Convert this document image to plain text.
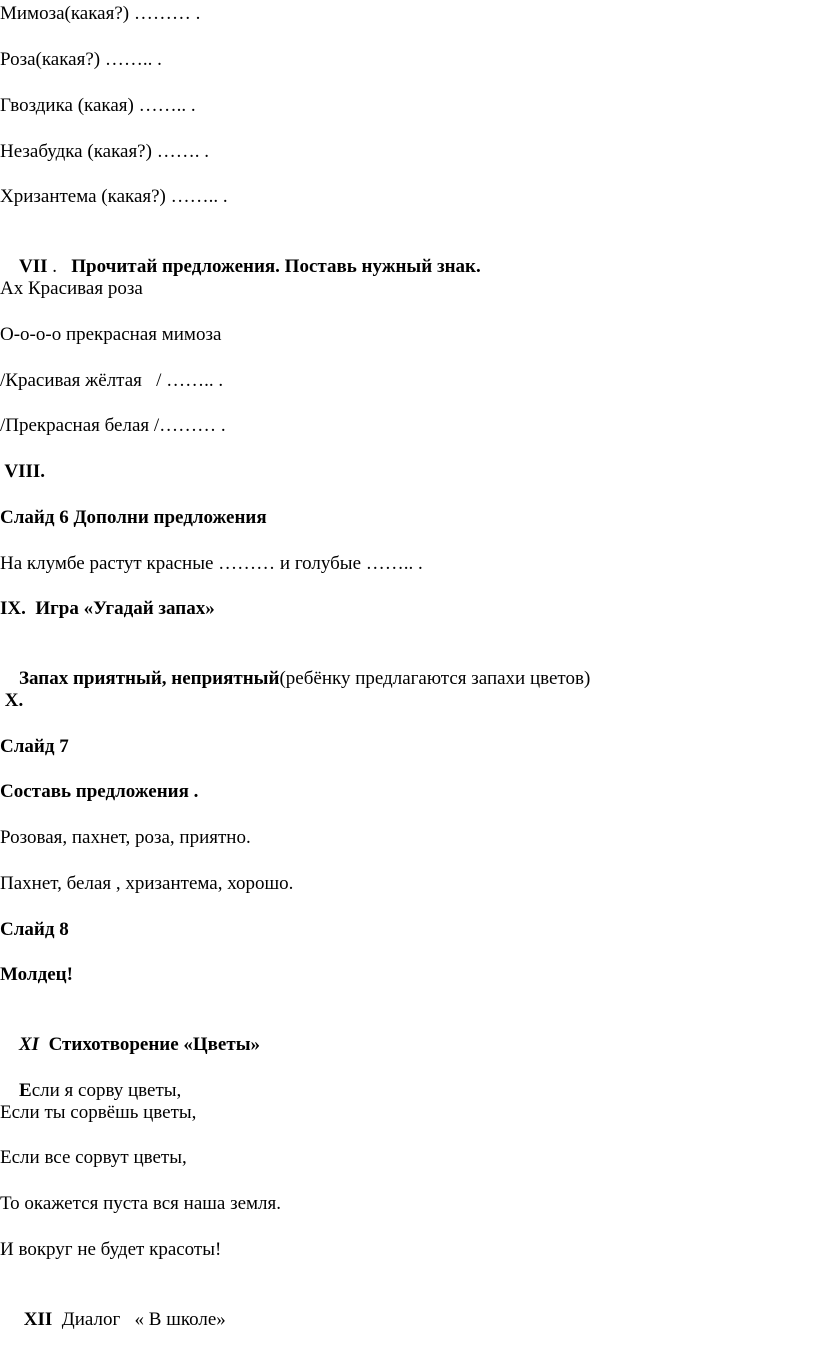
Мимоза(какая?) ……… .
Роза(какая?) …….. .
Гвоздика (какая) …….. .
Незабудка (какая?) ……. .
Хризантема (какая?) …….. .

VII .   Прочитай предложения. Поставь нужный знак.

Ах Красивая роза
О-о-о-о прекрасная мимоза
/Красивая жёлтая   / …….. .
/Прекрасная белая /……… .
VIII.
Слайд 6 Дополни предложения
На клумбе растут красные ……… и голубые …….. .
IX.  Игра «Угадай запах»

Запах приятный, неприятный(ребёнку предлагаются запахи цветов)

X.
Слайд 7
Составь предложения .
Розовая, пахнет, роза, приятно.
Пахнет, белая , хризантема, хорошо.
Слайд 8
Молдец!

XI  Стихотворение «Цветы»

Если я сорву цветы,

Если ты сорвёшь цветы,
Если все сорвут цветы,
То окажется пуста вся наша земля.
И вокруг не будет красоты!

XII  Диалог   « В школе»
